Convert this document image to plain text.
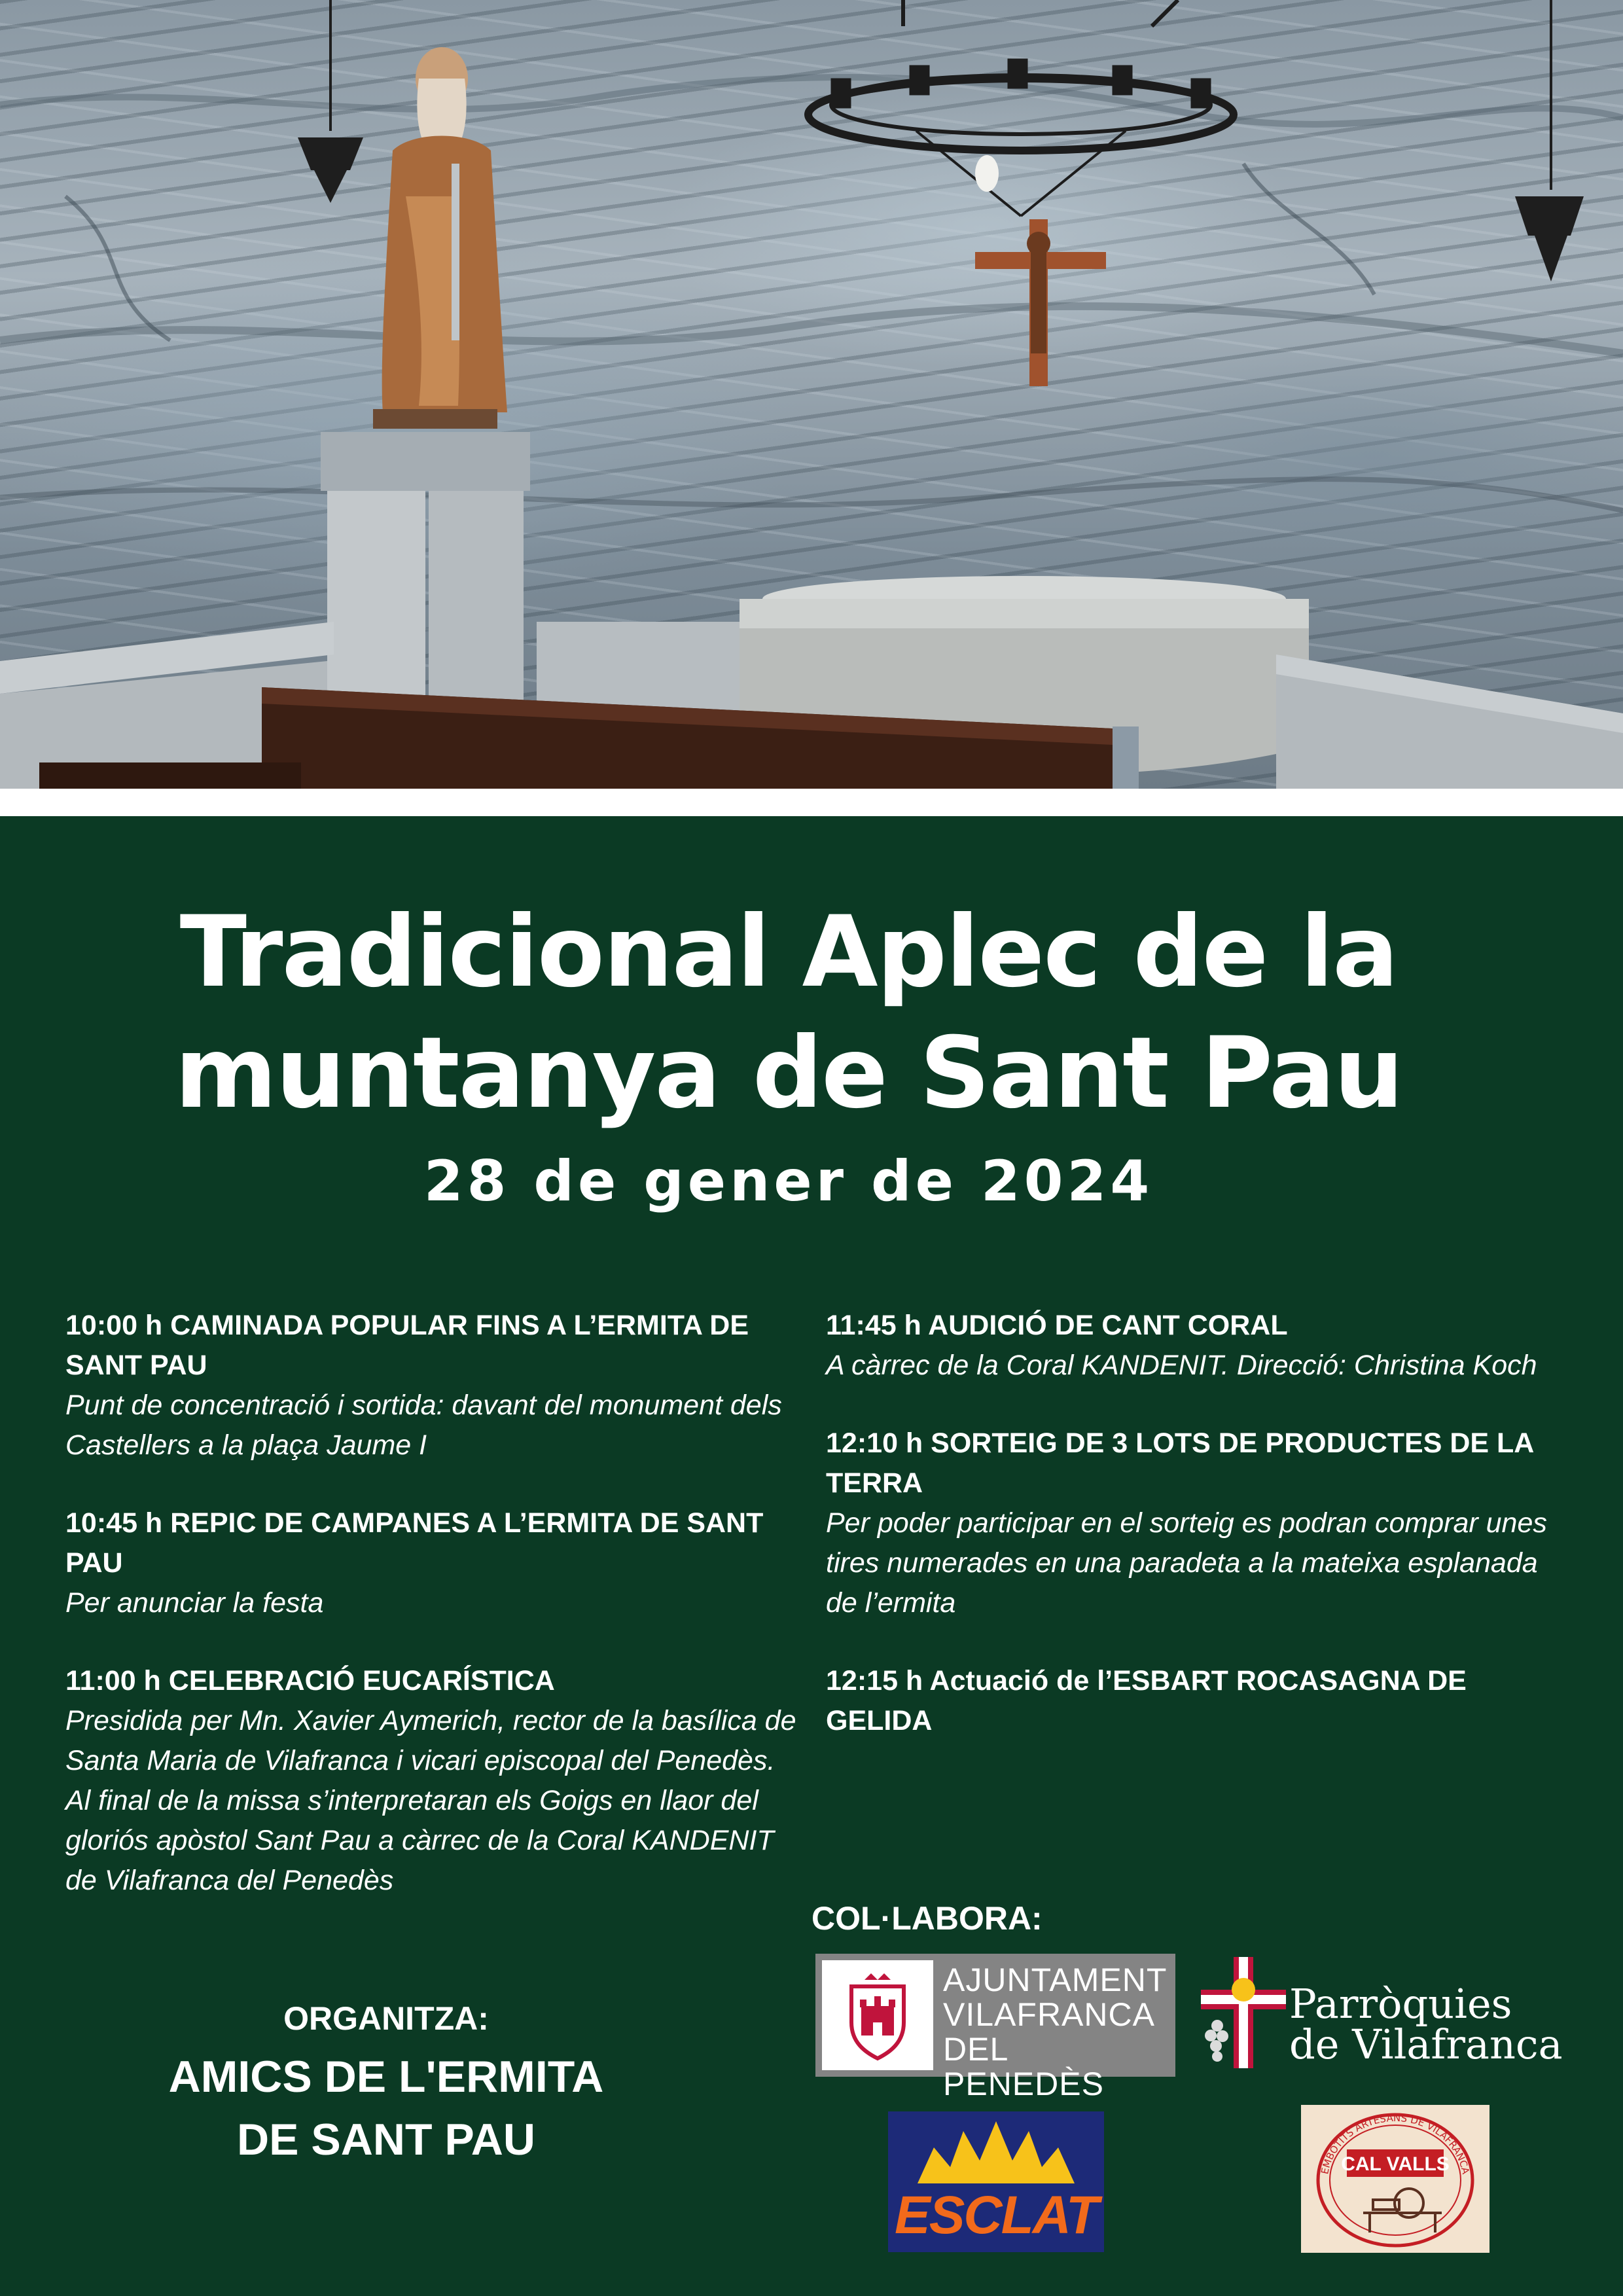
Tradicional Aplec de la
muntanya de Sant Pau
28 de gener de 2024
10:00 h CAMINADA POPULAR FINS A L’ERMITA DE SANT PAU
Punt de concentració i sortida: davant del monument dels Castellers a la plaça Jaume I
10:45 h REPIC DE CAMPANES A L’ERMITA DE SANT PAU
Per anunciar la festa
11:00 h CELEBRACIÓ EUCARÍSTICA
Presidida per Mn. Xavier Aymerich, rector de la basílica de Santa Maria de Vilafranca i vicari episcopal del Penedès.
Al final de la missa s’interpretaran els Goigs en llaor del gloriós apòstol Sant Pau a càrrec de la Coral KANDENIT de Vilafranca del Penedès
11:45 h AUDICIÓ DE CANT CORAL
A càrrec de la Coral KANDENIT. Direcció: Christina Koch
12:10 h SORTEIG DE 3 LOTS DE PRODUCTES DE LA TERRA
Per poder participar en el sorteig es podran comprar unes tires numerades en una paradeta a la mateixa esplanada de l’ermita
12:15 h Actuació de l’ESBART ROCASAGNA DE GELIDA
ORGANITZA:
AMICS DE L'ERMITA
DE SANT PAU
COL·LABORA:
AJUNTAMENT
VILAFRANCA
DEL PENEDÈS
Parròquies
de Vilafranca
ESCLAT
EMBOTITS ARTESANS DE VILAFRANCA
CAL VALLS
